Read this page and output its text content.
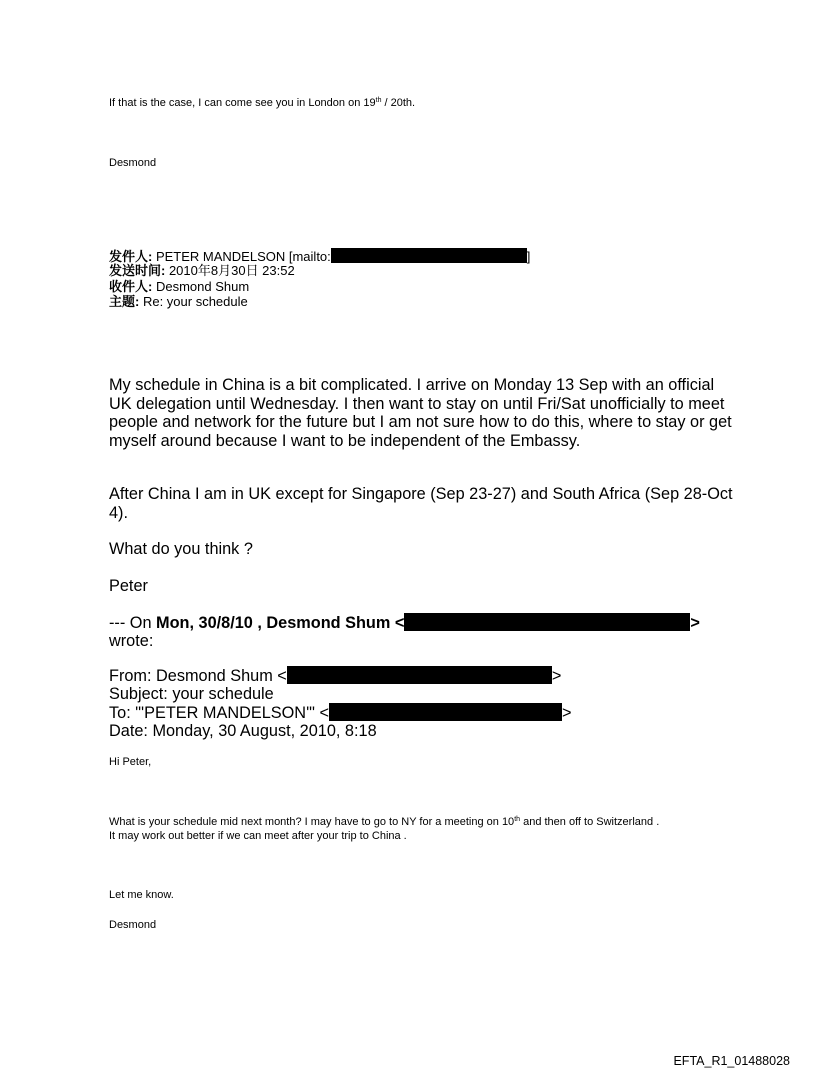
If that is the case, I can come see you in London on 19th / 20th.
Desmond
发件人: PETER MANDELSON [mailto:	]
发送时间: 2010年8月30日 23:52
收件人: Desmond Shum
主题: Re: your schedule
My schedule in China is a bit complicated. I arrive on Monday 13 Sep with an official
UK delegation until Wednesday. I then want to stay on until Fri/Sat unofficially to meet
people and network for the future but I am not sure how to do this, where to stay or get
myself around because I want to be independent of the Embassy.
After China I am in UK except for Singapore (Sep 23-27) and South Africa (Sep 28-Oct
4).
What do you think ?
Peter
--- On Mon, 30/8/10 , Desmond Shum <	>
wrote:
From: Desmond Shum <	>
Subject: your schedule
To: "'PETER MANDELSON'" <	>
Date: Monday, 30 August, 2010, 8:18
Hi Peter,
What is your schedule mid next month? I may have to go to NY for a meeting on 10th and then off to Switzerland .
It may work out better if we can meet after your trip to China .
Let me know.
Desmond
EFTA_R1_01488028
